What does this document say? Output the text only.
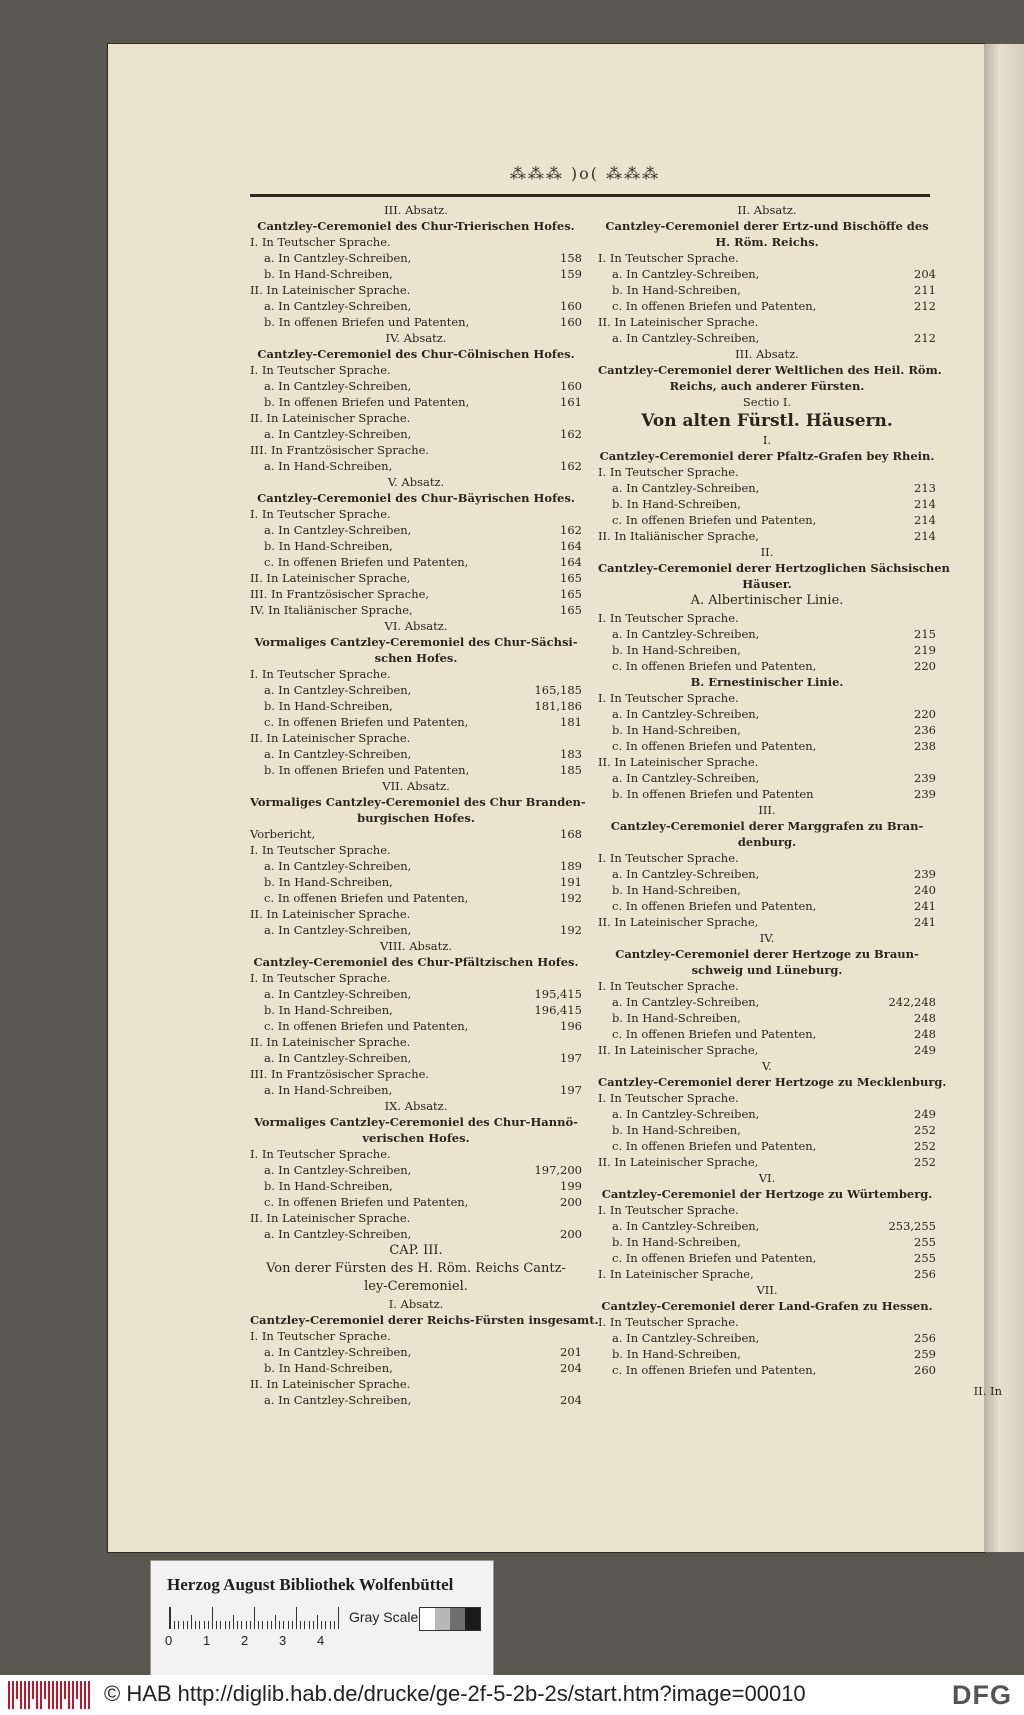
⁂⁂⁂ )o( ⁂⁂⁂
III. Absatz.
Cantzley-Ceremoniel des Chur-Trierischen Hofes.
I. In Teutscher Sprache.
a. In Cantzley-Schreiben,	158
b. In Hand-Schreiben,	159
II. In Lateinischer Sprache.
a. In Cantzley-Schreiben,	160
b. In offenen Briefen und Patenten,	160
IV. Absatz.
Cantzley-Ceremoniel des Chur-Cölnischen Hofes.
I. In Teutscher Sprache.
a. In Cantzley-Schreiben,	160
b. In offenen Briefen und Patenten,	161
II. In Lateinischer Sprache.
a. In Cantzley-Schreiben,	162
III. In Frantzösischer Sprache.
a. In Hand-Schreiben,	162
V. Absatz.
Cantzley-Ceremoniel des Chur-Bäyrischen Hofes.
I. In Teutscher Sprache.
a. In Cantzley-Schreiben,	162
b. In Hand-Schreiben,	164
c. In offenen Briefen und Patenten,	164
II. In Lateinischer Sprache,	165
III. In Frantzösischer Sprache,	165
IV. In Italiänischer Sprache,	165
VI. Absatz.
Vormaliges Cantzley-Ceremoniel des Chur-Sächsi-
schen Hofes.
I. In Teutscher Sprache.
a. In Cantzley-Schreiben,	165,185
b. In Hand-Schreiben,	181,186
c. In offenen Briefen und Patenten,	181
II. In Lateinischer Sprache.
a. In Cantzley-Schreiben,	183
b. In offenen Briefen und Patenten,	185
VII. Absatz.
Vormaliges Cantzley-Ceremoniel des Chur Branden-
burgischen Hofes.
Vorbericht,	168
I. In Teutscher Sprache.
a. In Cantzley-Schreiben,	189
b. In Hand-Schreiben,	191
c. In offenen Briefen und Patenten,	192
II. In Lateinischer Sprache.
a. In Cantzley-Schreiben,	192
VIII. Absatz.
Cantzley-Ceremoniel des Chur-Pfältzischen Hofes.
I. In Teutscher Sprache.
a. In Cantzley-Schreiben,	195,415
b. In Hand-Schreiben,	196,415
c. In offenen Briefen und Patenten,	196
II. In Lateinischer Sprache.
a. In Cantzley-Schreiben,	197
III. In Frantzösischer Sprache.
a. In Hand-Schreiben,	197
IX. Absatz.
Vormaliges Cantzley-Ceremoniel des Chur-Hannö-
verischen Hofes.
I. In Teutscher Sprache.
a. In Cantzley-Schreiben,	197,200
b. In Hand-Schreiben,	199
c. In offenen Briefen und Patenten,	200
II. In Lateinischer Sprache.
a. In Cantzley-Schreiben,	200
CAP. III.
Von derer Fürsten des H. Röm. Reichs Cantz-
ley-Ceremoniel.
I. Absatz.
Cantzley-Ceremoniel derer Reichs-Fürsten insgesamt.
I. In Teutscher Sprache.
a. In Cantzley-Schreiben,	201
b. In Hand-Schreiben,	204
II. In Lateinischer Sprache.
a. In Cantzley-Schreiben,	204
II. Absatz.
Cantzley-Ceremoniel derer Ertz-und Bischöffe des
H. Röm. Reichs.
I. In Teutscher Sprache.
a. In Cantzley-Schreiben,	204
b. In Hand-Schreiben,	211
c. In offenen Briefen und Patenten,	212
II. In Lateinischer Sprache.
a. In Cantzley-Schreiben,	212
III. Absatz.
Cantzley-Ceremoniel derer Weltlichen des Heil. Röm.
Reichs, auch anderer Fürsten.
Sectio I.
Von alten Fürstl. Häusern.
I.
Cantzley-Ceremoniel derer Pfaltz-Grafen bey Rhein.
I. In Teutscher Sprache.
a. In Cantzley-Schreiben,	213
b. In Hand-Schreiben,	214
c. In offenen Briefen und Patenten,	214
II. In Italiänischer Sprache,	214
II.
Cantzley-Ceremoniel derer Hertzoglichen Sächsischen
Häuser.
A. Albertinischer Linie.
I. In Teutscher Sprache.
a. In Cantzley-Schreiben,	215
b. In Hand-Schreiben,	219
c. In offenen Briefen und Patenten,	220
B. Ernestinischer Linie.
I. In Teutscher Sprache.
a. In Cantzley-Schreiben,	220
b. In Hand-Schreiben,	236
c. In offenen Briefen und Patenten,	238
II. In Lateinischer Sprache.
a. In Cantzley-Schreiben,	239
b. In offenen Briefen und Patenten	239
III.
Cantzley-Ceremoniel derer Marggrafen zu Bran-
denburg.
I. In Teutscher Sprache.
a. In Cantzley-Schreiben,	239
b. In Hand-Schreiben,	240
c. In offenen Briefen und Patenten,	241
II. In Lateinischer Sprache,	241
IV.
Cantzley-Ceremoniel derer Hertzoge zu Braun-
schweig und Lüneburg.
I. In Teutscher Sprache.
a. In Cantzley-Schreiben,	242,248
b. In Hand-Schreiben,	248
c. In offenen Briefen und Patenten,	248
II. In Lateinischer Sprache,	249
V.
Cantzley-Ceremoniel derer Hertzoge zu Mecklenburg.
I. In Teutscher Sprache.
a. In Cantzley-Schreiben,	249
b. In Hand-Schreiben,	252
c. In offenen Briefen und Patenten,	252
II. In Lateinischer Sprache,	252
VI.
Cantzley-Ceremoniel der Hertzoge zu Würtemberg.
I. In Teutscher Sprache.
a. In Cantzley-Schreiben,	253,255
b. In Hand-Schreiben,	255
c. In offenen Briefen und Patenten,	255
I. In Lateinischer Sprache,	256
VII.
Cantzley-Ceremoniel derer Land-Grafen zu Hessen.
I. In Teutscher Sprache.
a. In Cantzley-Schreiben,	256
b. In Hand-Schreiben,	259
c. In offenen Briefen und Patenten,	260
II. In
Herzog August Bibliothek Wolfenbüttel
0 1 2 3 4
Gray Scale
© HAB http://diglib.hab.de/drucke/ge-2f-5-2b-2s/start.htm?image=00010	DFG
